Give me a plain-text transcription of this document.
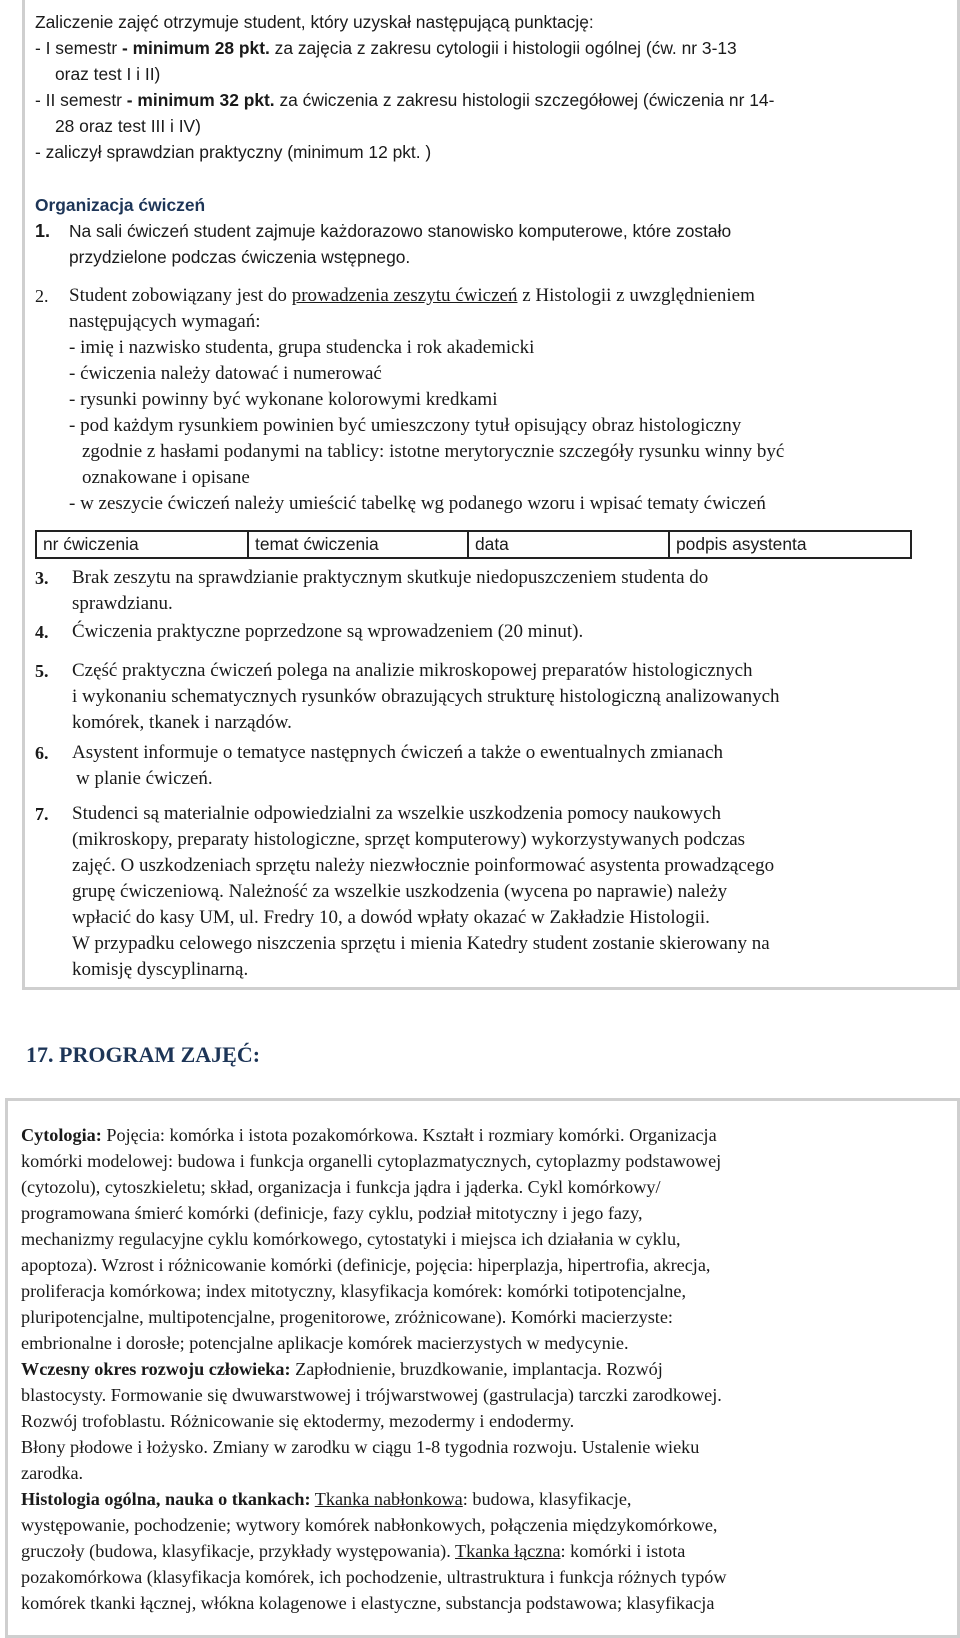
Zaliczenie zajęć otrzymuje student, który uzyskał następującą punktację:
- I semestr - minimum 28 pkt. za zajęcia z zakresu cytologii i histologii ogólnej (ćw. nr 3-13
oraz test I i II)
- II semestr - minimum 32 pkt. za ćwiczenia z zakresu histologii szczegółowej (ćwiczenia nr 14-
28 oraz test III i IV)
- zaliczył sprawdzian praktyczny (minimum 12 pkt. )
Organizacja ćwiczeń
1. Na sali ćwiczeń student zajmuje każdorazowo stanowisko komputerowe, które zostało
przydzielone podczas ćwiczenia wstępnego.
2. Student zobowiązany jest do prowadzenia zeszytu ćwiczeń z Histologii z uwzględnieniem
następujących wymagań:
- imię i nazwisko studenta, grupa studencka i rok akademicki
- ćwiczenia należy datować i numerować
- rysunki powinny być wykonane kolorowymi kredkami
- pod każdym rysunkiem powinien być umieszczony tytuł opisujący obraz histologiczny
zgodnie z hasłami podanymi na tablicy: istotne merytorycznie szczegóły rysunku winny być
oznakowane i opisane
- w zeszycie ćwiczeń należy umieścić tabelkę wg podanego wzoru i wpisać tematy ćwiczeń
nr ćwiczenia	temat ćwiczenia	data	podpis asystenta
3. Brak zeszytu na sprawdzianie praktycznym skutkuje niedopuszczeniem studenta do
sprawdzianu.
4. Ćwiczenia praktyczne poprzedzone są wprowadzeniem (20 minut).
5. Część praktyczna ćwiczeń polega na analizie mikroskopowej preparatów histologicznych
i wykonaniu schematycznych rysunków obrazujących strukturę histologiczną analizowanych
komórek, tkanek i narządów.
6. Asystent informuje o tematyce następnych ćwiczeń a także o ewentualnych zmianach
w planie ćwiczeń.
7. Studenci są materialnie odpowiedzialni za wszelkie uszkodzenia pomocy naukowych
(mikroskopy, preparaty histologiczne, sprzęt komputerowy) wykorzystywanych podczas
zajęć. O uszkodzeniach sprzętu należy niezwłocznie poinformować asystenta prowadzącego
grupę ćwiczeniową. Należność za wszelkie uszkodzenia (wycena po naprawie) należy
wpłacić do kasy UM, ul. Fredry 10, a dowód wpłaty okazać w Zakładzie Histologii.
W przypadku celowego niszczenia sprzętu i mienia Katedry student zostanie skierowany na
komisję dyscyplinarną.
17. PROGRAM ZAJĘĆ:
Cytologia: Pojęcia: komórka i istota pozakomórkowa. Kształt i rozmiary komórki. Organizacja
komórki modelowej: budowa i funkcja organelli cytoplazmatycznych, cytoplazmy podstawowej
(cytozolu), cytoszkieletu; skład, organizacja i funkcja jądra i jąderka. Cykl komórkowy/
programowana śmierć komórki (definicje, fazy cyklu, podział mitotyczny i jego fazy,
mechanizmy regulacyjne cyklu komórkowego, cytostatyki i miejsca ich działania w cyklu,
apoptoza). Wzrost i różnicowanie komórki (definicje, pojęcia: hiperplazja, hipertrofia, akrecja,
proliferacja komórkowa; index mitotyczny, klasyfikacja komórek: komórki totipotencjalne,
pluripotencjalne, multipotencjalne, progenitorowe, zróżnicowane). Komórki macierzyste:
embrionalne i dorosłe; potencjalne aplikacje komórek macierzystych w medycynie.
Wczesny okres rozwoju człowieka: Zapłodnienie, bruzdkowanie, implantacja. Rozwój
blastocysty. Formowanie się dwuwarstwowej i trójwarstwowej (gastrulacja) tarczki zarodkowej.
Rozwój trofoblastu. Różnicowanie się ektodermy, mezodermy i endodermy.
Błony płodowe i łożysko. Zmiany w zarodku w ciągu 1-8 tygodnia rozwoju. Ustalenie wieku
zarodka.
Histologia ogólna, nauka o tkankach: Tkanka nabłonkowa: budowa, klasyfikacje,
występowanie, pochodzenie; wytwory komórek nabłonkowych, połączenia międzykomórkowe,
gruczoły (budowa, klasyfikacje, przykłady występowania). Tkanka łączna: komórki i istota
pozakomórkowa (klasyfikacja komórek, ich pochodzenie, ultrastruktura i funkcja różnych typów
komórek tkanki łącznej, włókna kolagenowe i elastyczne, substancja podstawowa; klasyfikacja
